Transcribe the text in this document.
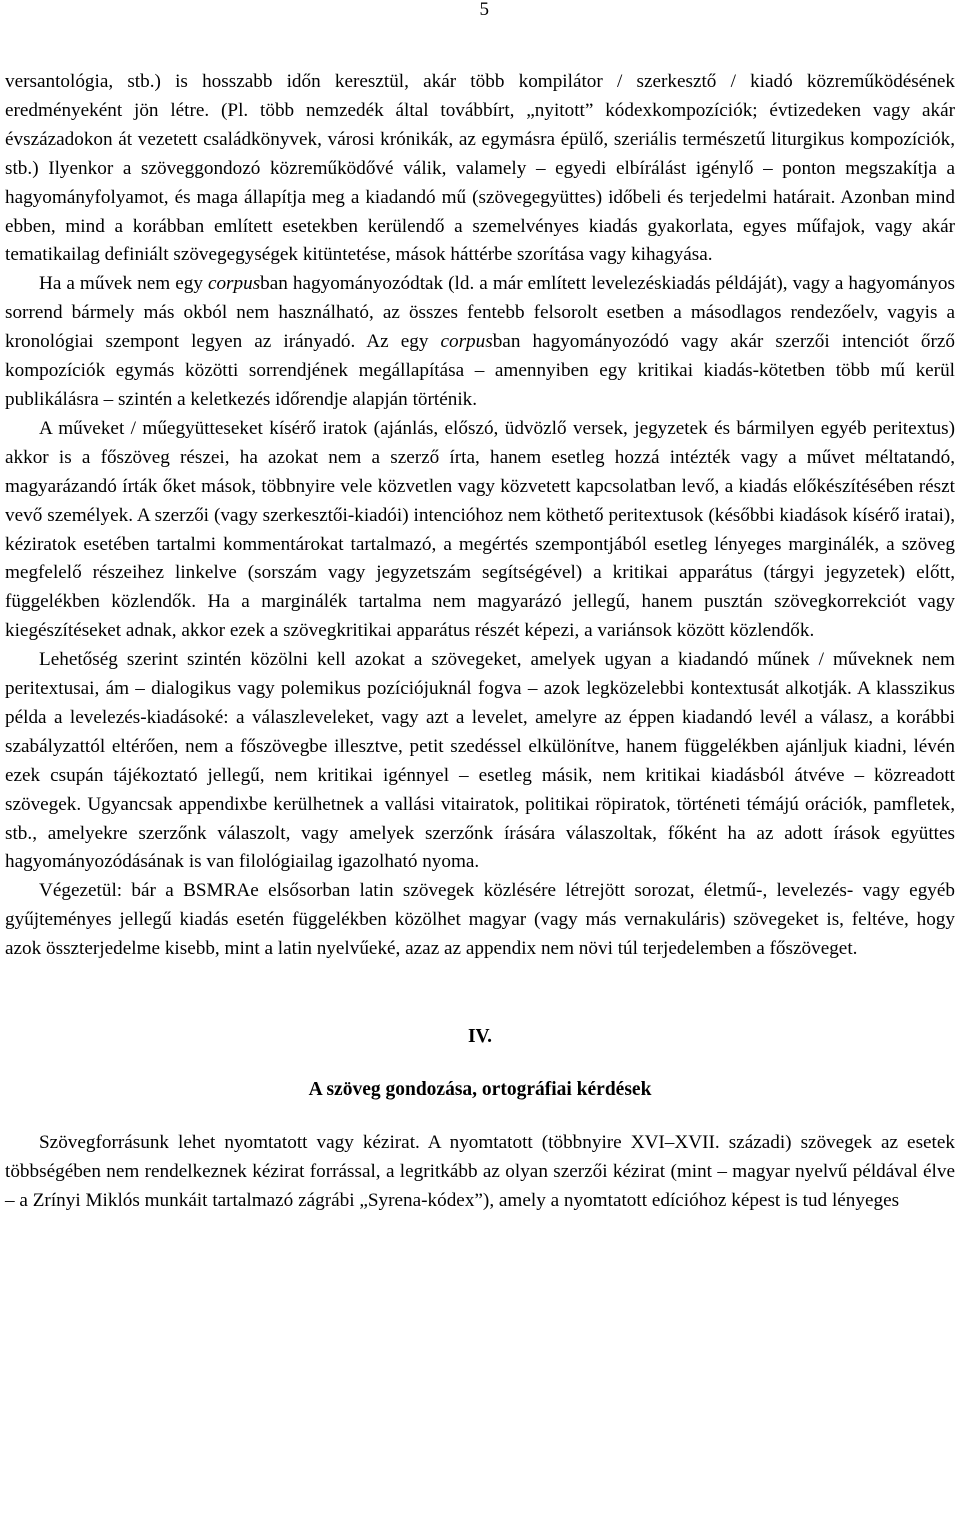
5

versantológia, stb.) is hosszabb időn keresztül, akár több kompilátor / szerkesztő / kiadó közreműködésének eredményeként jön létre. (Pl. több nemzedék által továbbírt, „nyitott” kódexkompozíciók; évtizedeken vagy akár évszázadokon át vezetett családkönyvek, városi krónikák, az egymásra épülő, szeriális természetű liturgikus kompozíciók, stb.) Ilyenkor a szöveggondozó közreműködővé válik, valamely – egyedi elbírálást igénylő – ponton megszakítja a hagyományfolyamot, és maga állapítja meg a kiadandó mű (szövegegyüttes) időbeli és terjedelmi határait. Azonban mind ebben, mind a korábban említett esetekben kerülendő a szemelvényes kiadás gyakorlata, egyes műfajok, vagy akár tematikailag definiált szövegegységek kitüntetése, mások háttérbe szorítása vagy kihagyása.

Ha a művek nem egy corpusban hagyományozódtak (ld. a már említett levelezéskiadás példáját), vagy a hagyományos sorrend bármely más okból nem használható, az összes fentebb felsorolt esetben a másodlagos rendezőelv, vagyis a kronológiai szempont legyen az irányadó. Az egy corpusban hagyományozódó vagy akár szerzői intenciót őrző kompozíciók egymás közötti sorrendjének megállapítása – amennyiben egy kritikai kiadás-kötetben több mű kerül publikálásra – szintén a keletkezés időrendje alapján történik.

A műveket / műegyütteseket kísérő iratok (ajánlás, előszó, üdvözlő versek, jegyzetek és bármilyen egyéb peritextus) akkor is a főszöveg részei, ha azokat nem a szerző írta, hanem esetleg hozzá intézték vagy a művet méltatandó, magyarázandó írták őket mások, többnyire vele közvetlen vagy közvetett kapcsolatban levő, a kiadás előkészítésében részt vevő személyek. A szerzői (vagy szerkesztői-kiadói) intencióhoz nem köthető peritextusok (későbbi kiadások kísérő iratai), kéziratok esetében tartalmi kommentárokat tartalmazó, a megértés szempontjából esetleg lényeges marginálék, a szöveg megfelelő részeihez linkelve (sorszám vagy jegyzetszám segítségével) a kritikai apparátus (tárgyi jegyzetek) előtt, függelékben közlendők. Ha a marginálék tartalma nem magyarázó jellegű, hanem pusztán szövegkorrekciót vagy kiegészítéseket adnak, akkor ezek a szövegkritikai apparátus részét képezi, a variánsok között közlendők.

Lehetőség szerint szintén közölni kell azokat a szövegeket, amelyek ugyan a kiadandó műnek / műveknek nem peritextusai, ám – dialogikus vagy polemikus pozíciójuknál fogva – azok legközelebbi kontextusát alkotják. A klasszikus példa a levelezés-kiadásoké: a válaszleveleket, vagy azt a levelet, amelyre az éppen kiadandó levél a válasz, a korábbi szabályzattól eltérően, nem a főszövegbe illesztve, petit szedéssel elkülönítve, hanem függelékben ajánljuk kiadni, lévén ezek csupán tájékoztató jellegű, nem kritikai igénnyel – esetleg másik, nem kritikai kiadásból átvéve – közreadott szövegek. Ugyancsak appendixbe kerülhetnek a vallási vitairatok, politikai röpiratok, történeti témájú orációk, pamfletek, stb., amelyekre szerzőnk válaszolt, vagy amelyek szerzőnk írására válaszoltak, főként ha az adott írások együttes hagyományozódásának is van filológiailag igazolható nyoma.

Végezetül: bár a BSMRAe elsősorban latin szövegek közlésére létrejött sorozat, életmű-, levelezés- vagy egyéb gyűjteményes jellegű kiadás esetén függelékben közölhet magyar (vagy más vernakuláris) szövegeket is, feltéve, hogy azok összterjedelme kisebb, mint a latin nyelvűeké, azaz az appendix nem növi túl terjedelemben a főszöveget.

IV.
A szöveg gondozása, ortográfiai kérdések

Szövegforrásunk lehet nyomtatott vagy kézirat. A nyomtatott (többnyire XVI–XVII. századi) szövegek az esetek többségében nem rendelkeznek kézirat forrással, a legritkább az olyan szerzői kézirat (mint – magyar nyelvű példával élve – a Zrínyi Miklós munkáit tartalmazó zágrábi „Syrena-kódex”), amely a nyomtatott edícióhoz képest is tud lényeges
